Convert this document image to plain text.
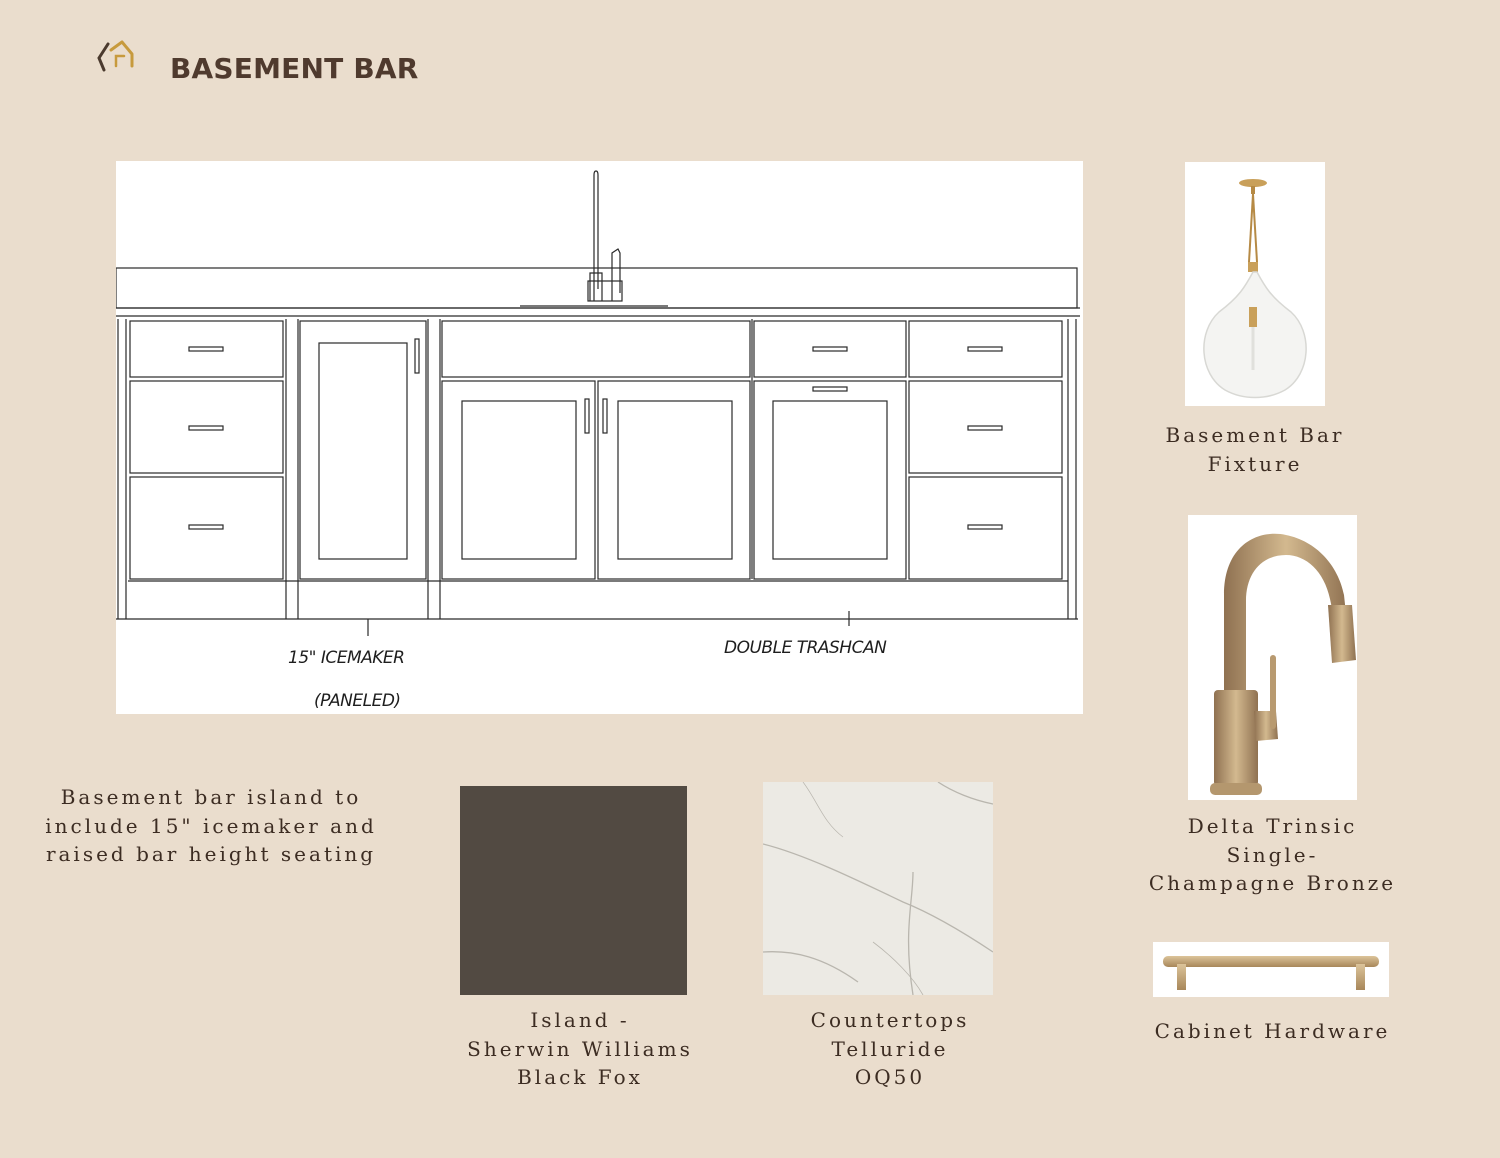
BASEMENT BAR
15" ICEMAKER
(PANELED)
DOUBLE TRASHCAN
Basement Bar
Fixture
Delta Trinsic
Single-
Champagne Bronze
Cabinet Hardware
Basement bar island to
include 15" icemaker and
raised bar height seating
Island -
Sherwin Williams
Black Fox
Countertops
Telluride
OQ50
